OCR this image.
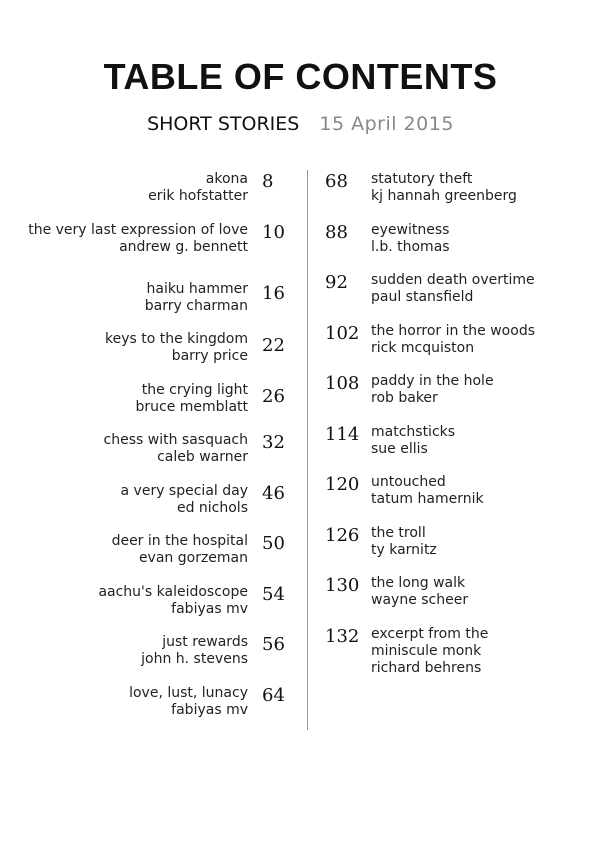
TABLE OF CONTENTS
SHORT STORIES 15 April 2015
akona
erik hofstatter
8
the very last expression of love
andrew g. bennett
10
haiku hammer
barry charman
16
keys to the kingdom
barry price 22
the crying light
bruce memblatt 26
chess with sasquach
caleb warner
32
a very special day
ed nichols
46
deer in the hospital
evan gorzeman
50
aachu's kaleidoscope
fabiyas mv
54
just rewards
john h. stevens
56
love, lust, lunacy
fabiyas mv
64
68	statutory theft
kj hannah greenberg
88	eyewitness
l.b. thomas
92	sudden death overtime
paul stansfield
102 the horror in the woods
rick mcquiston
108 paddy in the hole
rob baker
114 matchsticks
sue ellis
120 untouched
tatum hamernik
126 the troll
ty karnitz
130 the long walk
wayne scheer
132 excerpt from the miniscule monk
richard behrens
